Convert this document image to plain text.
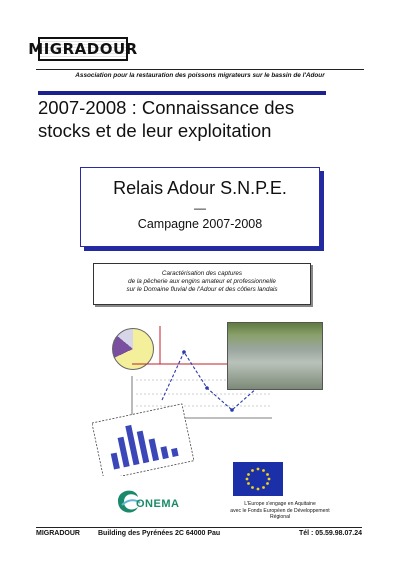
MIGRADOUR
Association pour la restauration des poissons migrateurs sur le bassin de l'Adour
2007-2008 : Connaissance des
stocks et de leur exploitation
Relais Adour S.N.P.E.
—
Campagne 2007-2008
Caractérisation des captures
de la pêcherie aux engins amateur et professionnelle
sur le Domaine fluvial de l'Adour et des côtiers landais
ONEMA	L'Europe s'engage en Aquitaine
avec le Fonds Européen de Développement Régional
MIGRADOUR	Building des Pyrénées 2C 64000 Pau	Tél : 05.59.98.07.24
